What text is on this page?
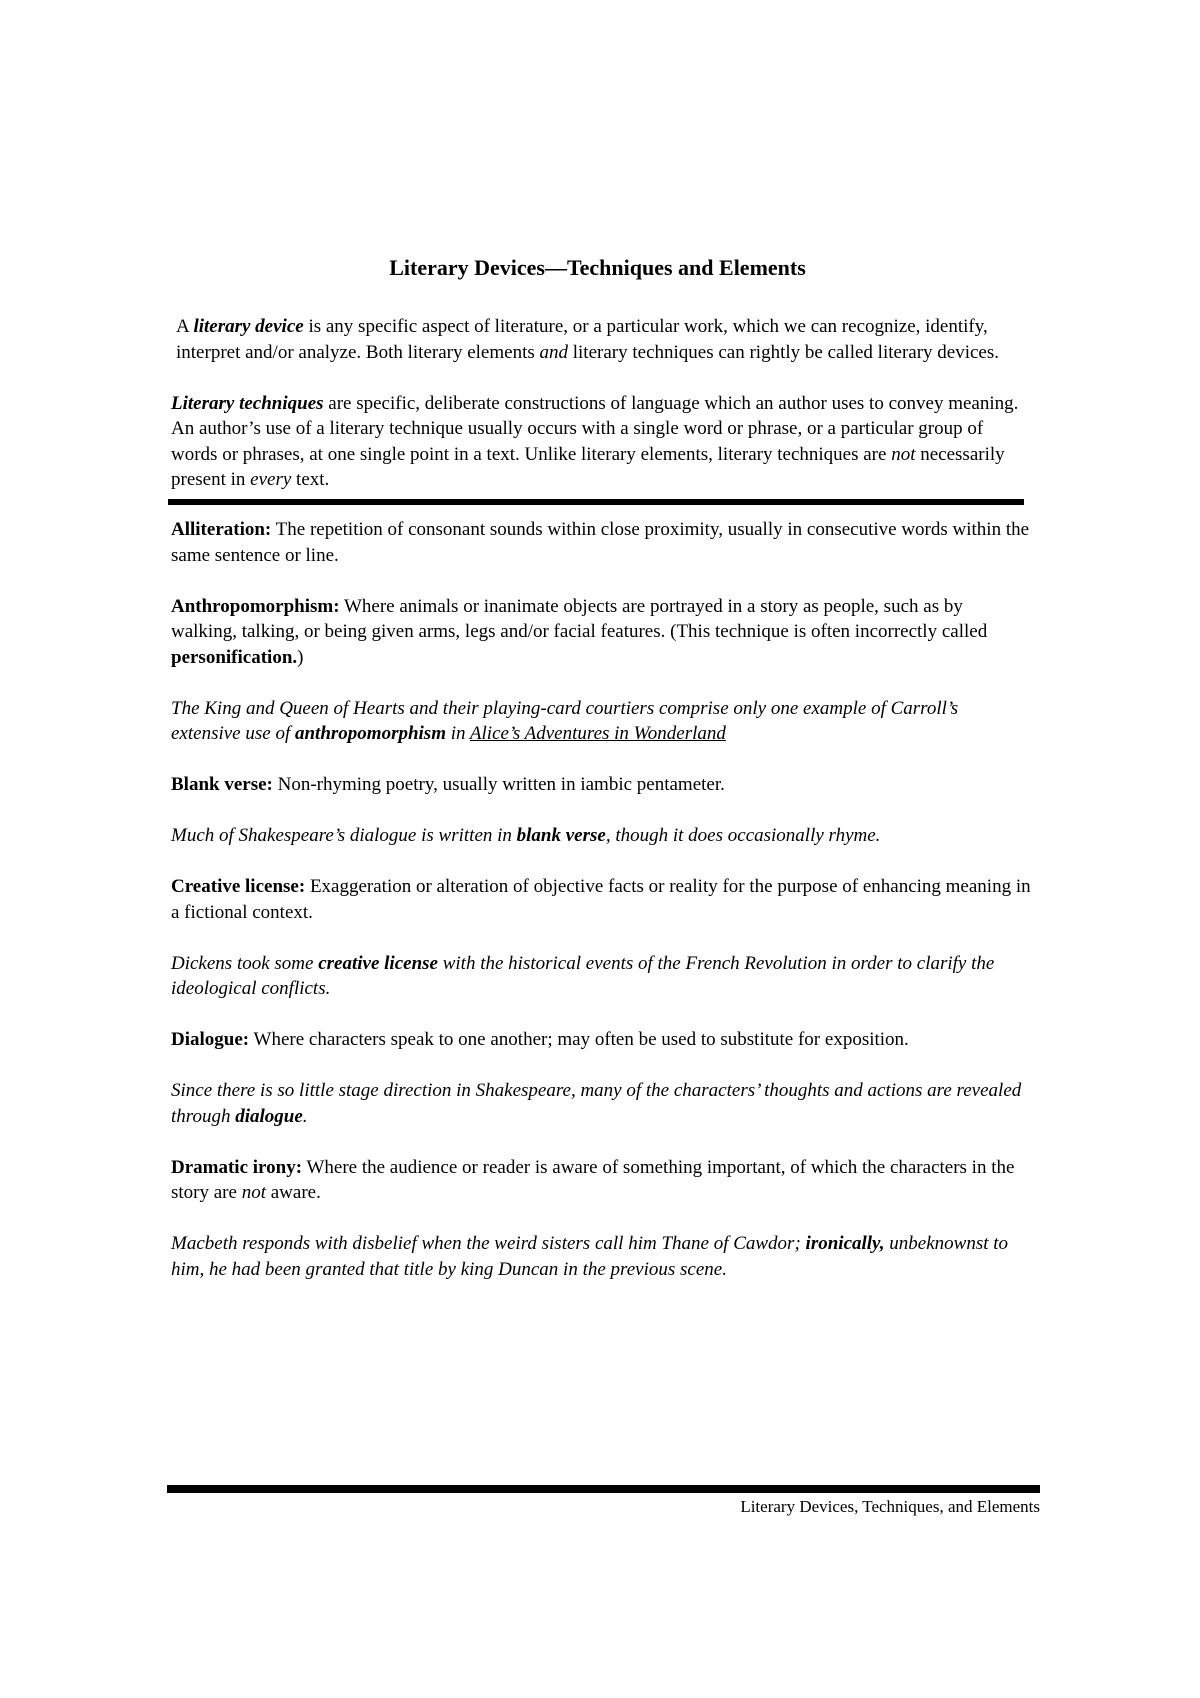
Literary Devices—Techniques and Elements

A literary device is any specific aspect of literature, or a particular work, which we can recognize, identify, interpret and/or analyze. Both literary elements and literary techniques can rightly be called literary devices.

Literary techniques are specific, deliberate constructions of language which an author uses to convey meaning. An author’s use of a literary technique usually occurs with a single word or phrase, or a particular group of words or phrases, at one single point in a text. Unlike literary elements, literary techniques are not necessarily present in every text.

Alliteration: The repetition of consonant sounds within close proximity, usually in consecutive words within the same sentence or line.

Anthropomorphism: Where animals or inanimate objects are portrayed in a story as people, such as by walking, talking, or being given arms, legs and/or facial features. (This technique is often incorrectly called personification.)

The King and Queen of Hearts and their playing-card courtiers comprise only one example of Carroll’s extensive use of anthropomorphism in Alice’s Adventures in Wonderland

Blank verse: Non-rhyming poetry, usually written in iambic pentameter.

Much of Shakespeare’s dialogue is written in blank verse, though it does occasionally rhyme.

Creative license: Exaggeration or alteration of objective facts or reality for the purpose of enhancing meaning in a fictional context.

Dickens took some creative license with the historical events of the French Revolution in order to clarify the ideological conflicts.

Dialogue: Where characters speak to one another; may often be used to substitute for exposition.

Since there is so little stage direction in Shakespeare, many of the characters’ thoughts and actions are revealed through dialogue.

Dramatic irony: Where the audience or reader is aware of something important, of which the characters in the story are not aware.

Macbeth responds with disbelief when the weird sisters call him Thane of Cawdor; ironically, unbeknownst to him, he had been granted that title by king Duncan in the previous scene.

Literary Devices, Techniques, and Elements
